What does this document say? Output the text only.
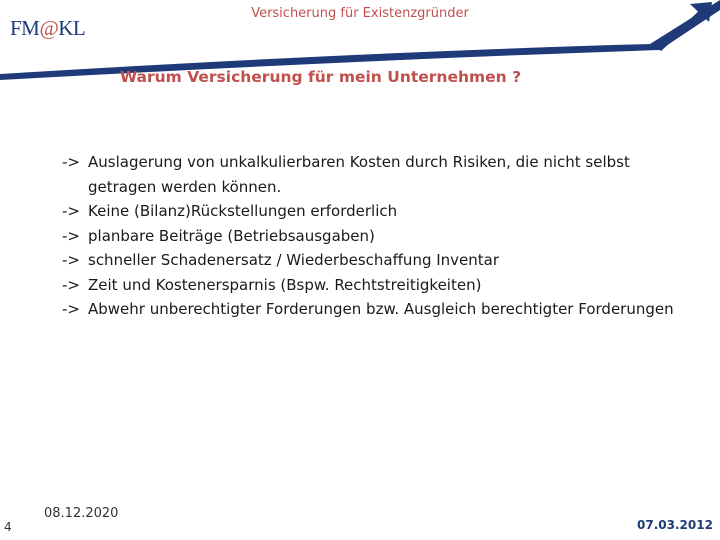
FM@KL
Versicherung für Existenzgründer
Warum Versicherung für mein Unternehmen ?
-> Auslagerung von unkalkulierbaren Kosten durch Risiken, die nicht selbst getragen werden können.
-> Keine (Bilanz)Rückstellungen erforderlich
-> planbare Beiträge (Betriebsausgaben)
-> schneller Schadenersatz / Wiederbeschaffung Inventar
-> Zeit und Kostenersparnis (Bspw. Rechtstreitigkeiten)
-> Abwehr unberechtigter Forderungen bzw. Ausgleich berechtigter Forderungen
4
08.12.2020
07.03.2012
